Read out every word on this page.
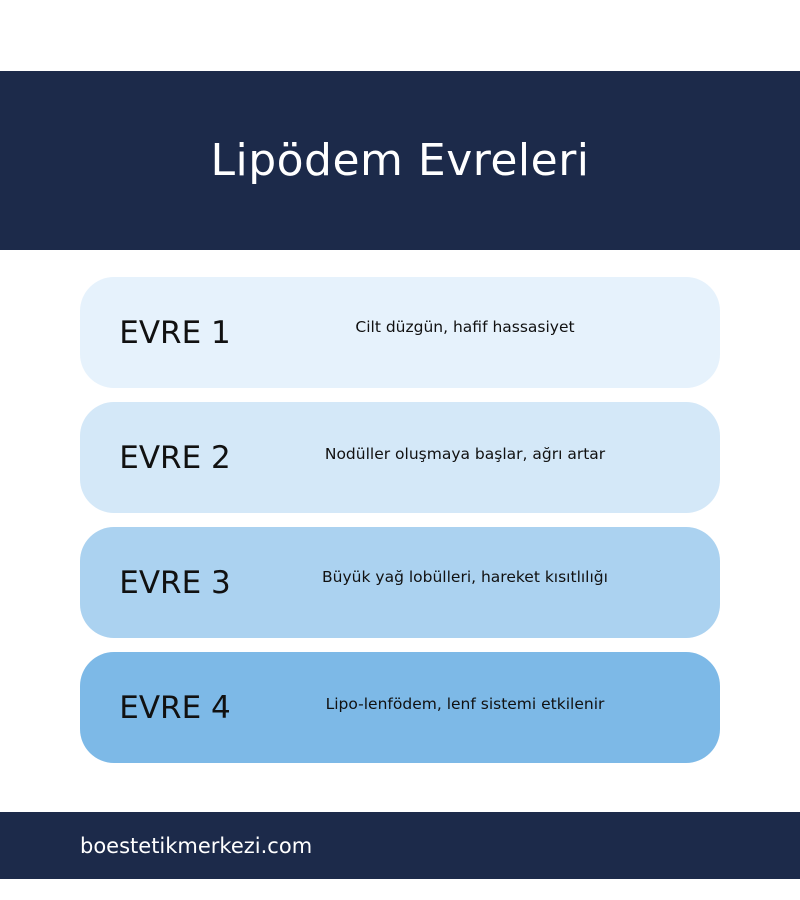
Lipödem Evreleri
EVRE 1	Cilt düzgün, hafif hassasiyet
EVRE 2	Nodüller oluşmaya başlar, ağrı artar
EVRE 3	Büyük yağ lobülleri, hareket kısıtlılığı
EVRE 4	Lipo-lenfödem, lenf sistemi etkilenir
boestetikmerkezi.com
